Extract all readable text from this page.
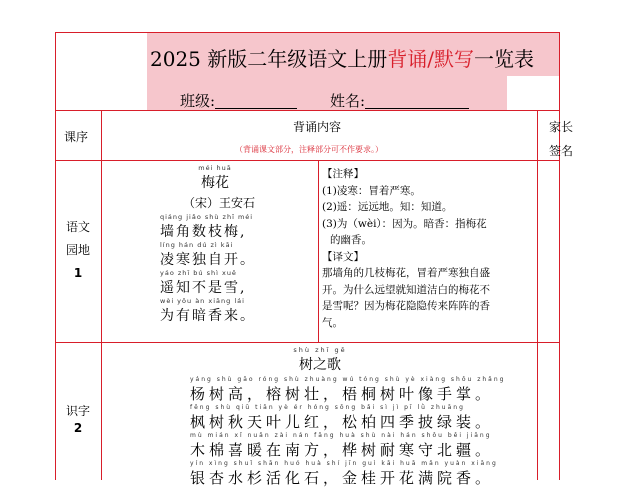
2025 新版二年级语文上册背诵/默写一览表
班级:	姓名:
课序
背诵内容
（背诵课文部分，注释部分可不作要求。）
家长
签名
语文
园地
1
méi huā
梅花
（宋）王安石
qiáng jiǎo shù zhī méi
墙角数枝梅,
líng hán dú zì kāi
凌寒独自开。
yáo zhī bú shì xuě
遥知不是雪,
wèi yǒu àn xiāng lái
为有暗香来。
【注释】
(1)凌寒：冒着严寒。
(2)遥：远远地。知：知道。
(3)为（wèi）：因为。暗香：指梅花
的幽香。
【译文】
那墙角的几枝梅花，冒着严寒独自盛
开。为什么远望就知道洁白的梅花不
是雪呢？因为梅花隐隐传来阵阵的香
气。
识字
2
shù zhī gē
树之歌
yáng shù gāo róng shù zhuàng wú tóng shù yè xiàng shǒu zhǎng
杨树高，榕树壮，梧桐树叶像手掌。
fēng shù qiū tiān yè ér hóng sōng bǎi sì jì pī lǜ zhuāng
枫树秋天叶儿红，松柏四季披绿装。
mù mián xǐ nuǎn zài nán fāng huà shù nài hán shǒu běi jiāng
木棉喜暖在南方，桦树耐寒守北疆。
yín xìng shuǐ shān huó huà shí jīn guì kāi huā mǎn yuàn xiāng
银杏水杉活化石，金桂开花满院香。
